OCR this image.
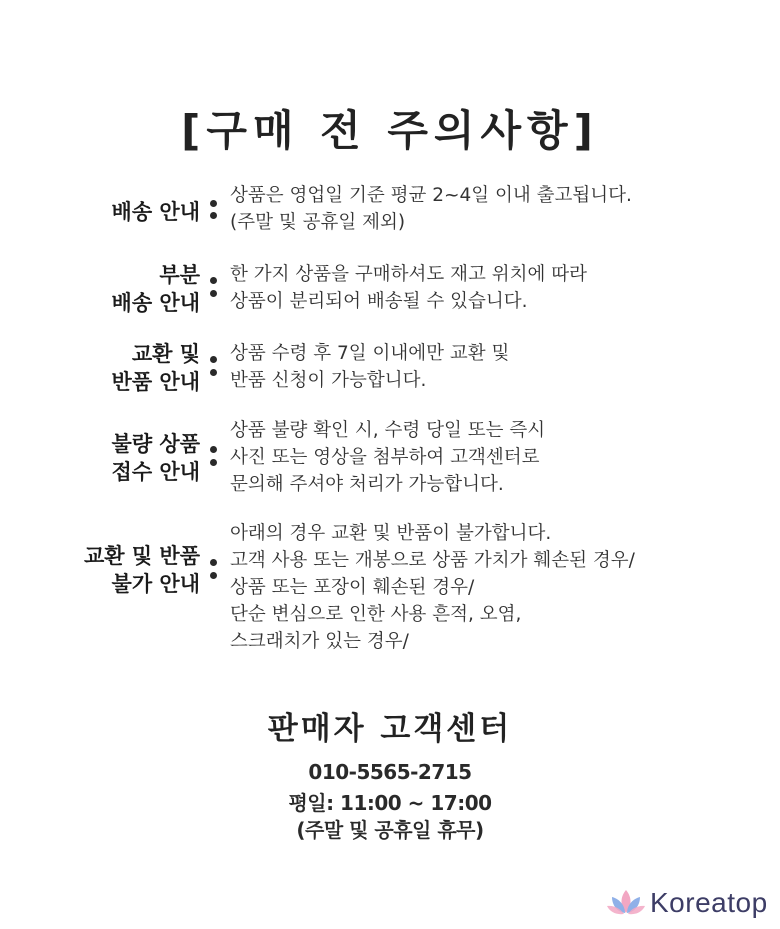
[구매 전 주의사항]
배송 안내
상품은 영업일 기준 평균 2~4일 이내 출고됩니다.
(주말 및 공휴일 제외)
부분
배송 안내
한 가지 상품을 구매하셔도 재고 위치에 따라
상품이 분리되어 배송될 수 있습니다.
교환 및
반품 안내
상품 수령 후 7일 이내에만 교환 및
반품 신청이 가능합니다.
불량 상품
접수 안내
상품 불량 확인 시, 수령 당일 또는 즉시
사진 또는 영상을 첨부하여 고객센터로
문의해 주셔야 처리가 가능합니다.
교환 및 반품
불가 안내
아래의 경우 교환 및 반품이 불가합니다.
고객 사용 또는 개봉으로 상품 가치가 훼손된 경우/
상품 또는 포장이 훼손된 경우/
단순 변심으로 인한 사용 흔적, 오염,
스크래치가 있는 경우/
판매자 고객센터
010-5565-2715
평일: 11:00 ~ 17:00
(주말 및 공휴일 휴무)
Koreatop
